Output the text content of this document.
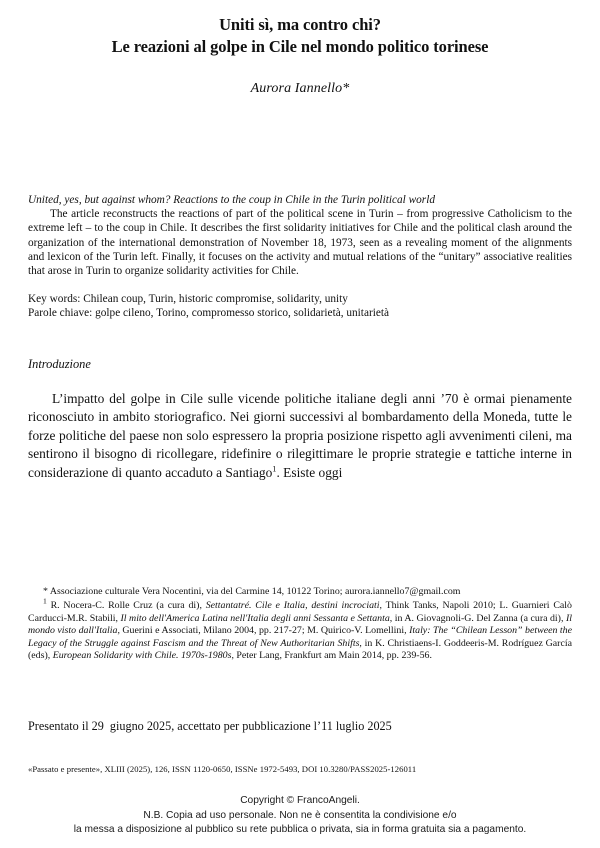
Uniti sì, ma contro chi?
Le reazioni al golpe in Cile nel mondo politico torinese
Aurora Iannello*

United, yes, but against whom? Reactions to the coup in Chile in the Turin political world

The article reconstructs the reactions of part of the political scene in Turin – from progressive Catholicism to the extreme left – to the coup in Chile. It describes the first solidarity initiatives for Chile and the political clash around the organization of the international demonstration of November 18, 1973, seen as a revealing moment of the alignments and lexicon of the Turin left. Finally, it focuses on the activity and mutual relations of the “unitary” associative realities that arose in Turin to organize solidarity activities for Chile.

Key words: Chilean coup, Turin, historic compromise, solidarity, unity
Parole chiave: golpe cileno, Torino, compromesso storico, solidarietà, unitarietà
Introduzione

L’impatto del golpe in Cile sulle vicende politiche italiane degli anni ’70 è ormai pienamente riconosciuto in ambito storiografico. Nei giorni successivi al bombardamento della Moneda, tutte le forze politiche del paese non solo espressero la propria posizione rispetto agli avvenimenti cileni, ma sentirono il bisogno di ricollegare, ridefinire o rilegittimare le proprie strategie e tattiche interne in considerazione di quanto accaduto a Santiago$^1$. Esiste oggi

* Associazione culturale Vera Nocentini, via del Carmine 14, 10122 Torino; aurora.iannello7@gmail.com
$^1$ R. Nocera-C. Rolle Cruz (a cura di), Settantatré. Cile e Italia, destini incrociati, Think Tanks, Napoli 2010; L. Guarnieri Calò Carducci-M.R. Stabili, Il mito dell'America Latina nell'Italia degli anni Sessanta e Settanta, in A. Giovagnoli-G. Del Zanna (a cura di), Il mondo visto dall'Italia, Guerini e Associati, Milano 2004, pp. 217-27; M. Quirico-V. Lomellini, Italy: The “Chilean Lesson” between the Legacy of the Struggle against Fascism and the Threat of New Authoritarian Shifts, in K. Christiaens-I. Goddeeris-M. Rodríguez García (eds), European Solidarity with Chile. 1970s-1980s, Peter Lang, Frankfurt am Main 2014, pp. 239-56.
Presentato il 29  giugno 2025, accettato per pubblicazione l’11 luglio 2025
«Passato e presente», XLIII (2025), 126, ISSN 1120-0650, ISSNe 1972-5493, DOI 10.3280/PASS2025-126011
Copyright © FrancoAngeli.
N.B. Copia ad uso personale. Non ne è consentita la condivisione e/o
la messa a disposizione al pubblico su rete pubblica o privata, sia in forma gratuita sia a pagamento.
